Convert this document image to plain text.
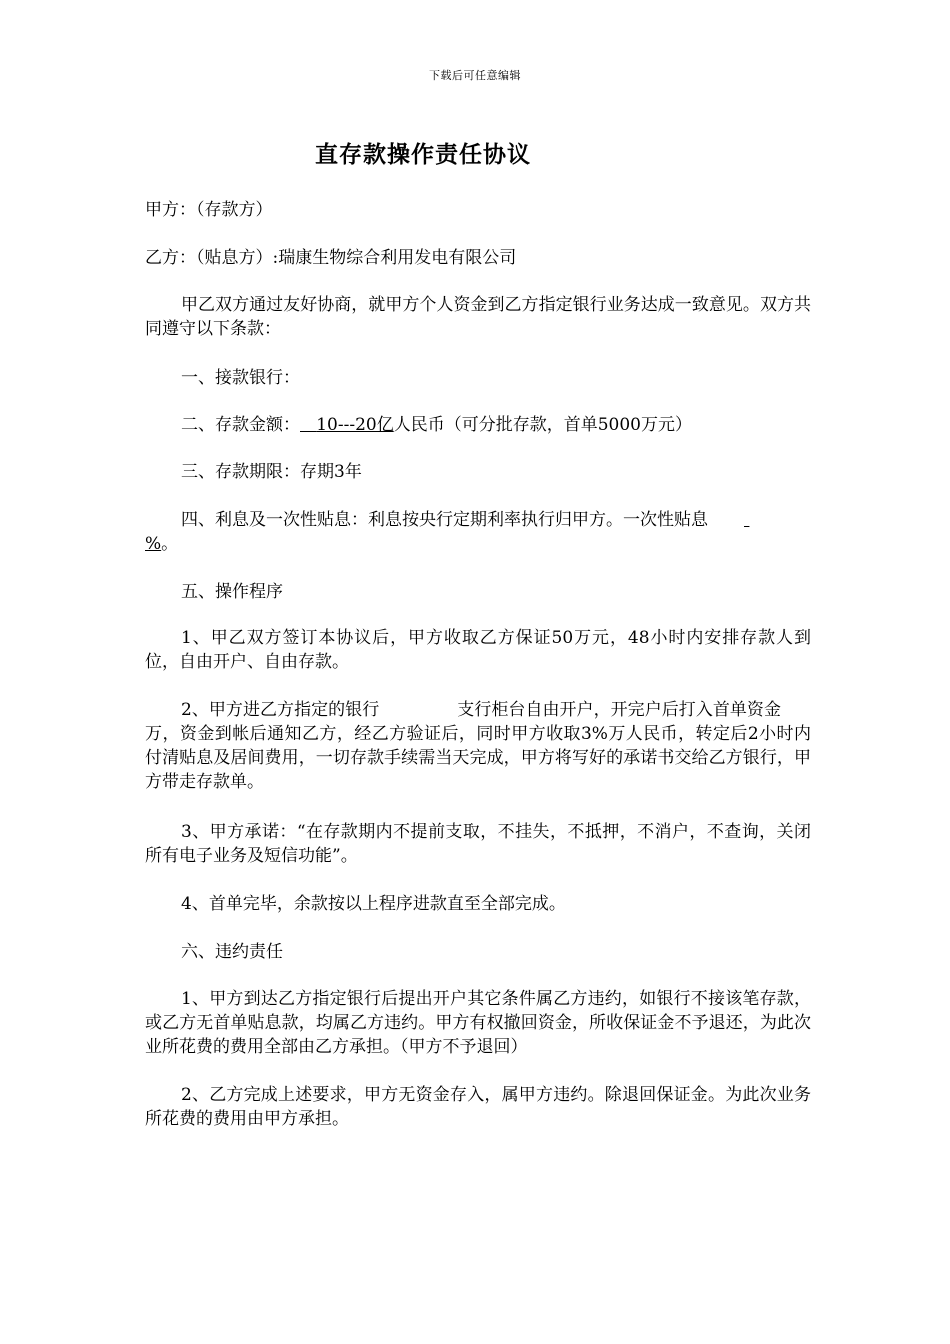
下载后可任意编辑
直存款操作责任协议
甲方：（存款方）
乙方：（贴息方）:瑞康生物综合利用发电有限公司
甲乙双方通过友好协商，就甲方个人资金到乙方指定银行业务达成一致意见。双方共同遵守以下条款：
一、接款银行：
二、存款金额： 10---20亿人民币（可分批存款，首单5000万元）
三、存款期限：存期3年
四、利息及一次性贴息：利息按央行定期利率执行归甲方。一次性贴息
%。
五、操作程序
1、甲乙双方签订本协议后，甲方收取乙方保证50万元，48小时内安排存款人到位，自由开户、自由存款。
2、甲方进乙方指定的银行	支行柜台自由开户，开完户后打入首单资金万，资金到帐后通知乙方，经乙方验证后，同时甲方收取3%万人民币，转定后2小时内付清贴息及居间费用，一切存款手续需当天完成，甲方将写好的承诺书交给乙方银行，甲方带走存款单。
3、甲方承诺：“在存款期内不提前支取，不挂失，不抵押，不消户，不查询，关闭所有电子业务及短信功能”。
4、首单完毕，余款按以上程序进款直至全部完成。
六、违约责任
1、甲方到达乙方指定银行后提出开户其它条件属乙方违约，如银行不接该笔存款，或乙方无首单贴息款，均属乙方违约。甲方有权撤回资金，所收保证金不予退还，为此次业所花费的费用全部由乙方承担。（甲方不予退回）
2、乙方完成上述要求，甲方无资金存入，属甲方违约。除退回保证金。为此次业务所花费的费用由甲方承担。
